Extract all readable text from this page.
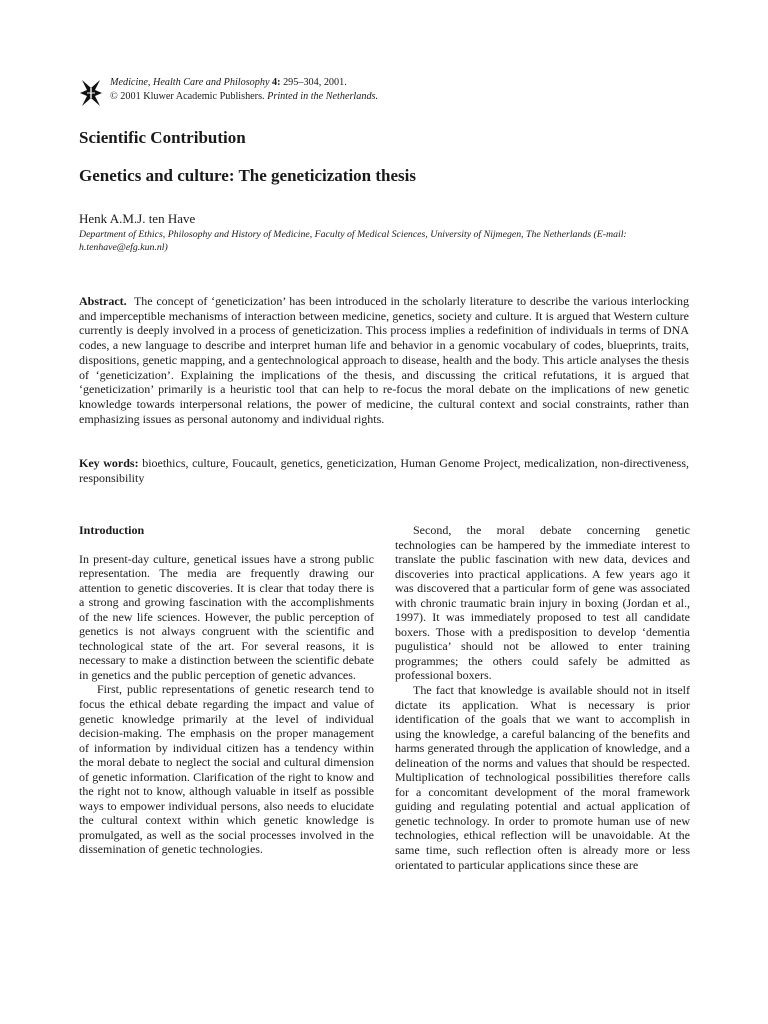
Medicine, Health Care and Philosophy 4: 295–304, 2001.
© 2001 Kluwer Academic Publishers. Printed in the Netherlands.
Scientific Contribution
Genetics and culture: The geneticization thesis

Henk A.M.J. ten Have

Department of Ethics, Philosophy and History of Medicine, Faculty of Medical Sciences, University of Nijmegen, The Netherlands (E-mail: h.tenhave@efg.kun.nl)

Abstract. The concept of ‘geneticization’ has been introduced in the scholarly literature to describe the various interlocking and imperceptible mechanisms of interaction between medicine, genetics, society and culture. It is argued that Western culture currently is deeply involved in a process of geneticization. This process implies a redefinition of individuals in terms of DNA codes, a new language to describe and interpret human life and behavior in a genomic vocabulary of codes, blueprints, traits, dispositions, genetic mapping, and a gentechnological approach to disease, health and the body. This article analyses the thesis of ‘geneticization’. Explaining the implications of the thesis, and discussing the critical refutations, it is argued that ‘geneticization’ primarily is a heuristic tool that can help to re-focus the moral debate on the implications of new genetic knowledge towards interpersonal relations, the power of medicine, the cultural context and social constraints, rather than emphasizing issues as personal autonomy and individual rights.

Key words: bioethics, culture, Foucault, genetics, geneticization, Human Genome Project, medicalization, non-directiveness, responsibility

Introduction

In present-day culture, genetical issues have a strong public representation. The media are frequently drawing our attention to genetic discoveries. It is clear that today there is a strong and growing fascination with the accomplishments of the new life sciences. However, the public perception of genetics is not always congruent with the scientific and technological state of the art. For several reasons, it is necessary to make a distinction between the scientific debate in genetics and the public perception of genetic advances.

First, public representations of genetic research tend to focus the ethical debate regarding the impact and value of genetic knowledge primarily at the level of individual decision-making. The emphasis on the proper management of information by individual citizen has a tendency within the moral debate to neglect the social and cultural dimension of genetic information. Clarification of the right to know and the right not to know, although valuable in itself as possible ways to empower individual persons, also needs to elucidate the cultural context within which genetic knowledge is promulgated, as well as the social processes involved in the dissemination of genetic technologies.

Second, the moral debate concerning genetic technologies can be hampered by the immediate interest to translate the public fascination with new data, devices and discoveries into practical applications. A few years ago it was discovered that a particular form of gene was associated with chronic traumatic brain injury in boxing (Jordan et al., 1997). It was immediately proposed to test all candidate boxers. Those with a predisposition to develop ‘dementia pugulistica’ should not be allowed to enter training programmes; the others could safely be admitted as professional boxers.

The fact that knowledge is available should not in itself dictate its application. What is necessary is prior identification of the goals that we want to accomplish in using the knowledge, a careful balancing of the benefits and harms generated through the application of knowledge, and a delineation of the norms and values that should be respected. Multiplication of technological possibilities therefore calls for a concomitant development of the moral framework guiding and regulating potential and actual application of genetic technology. In order to promote human use of new technologies, ethical reflection will be unavoidable. At the same time, such reflection often is already more or less orientated to particular applications since these are
